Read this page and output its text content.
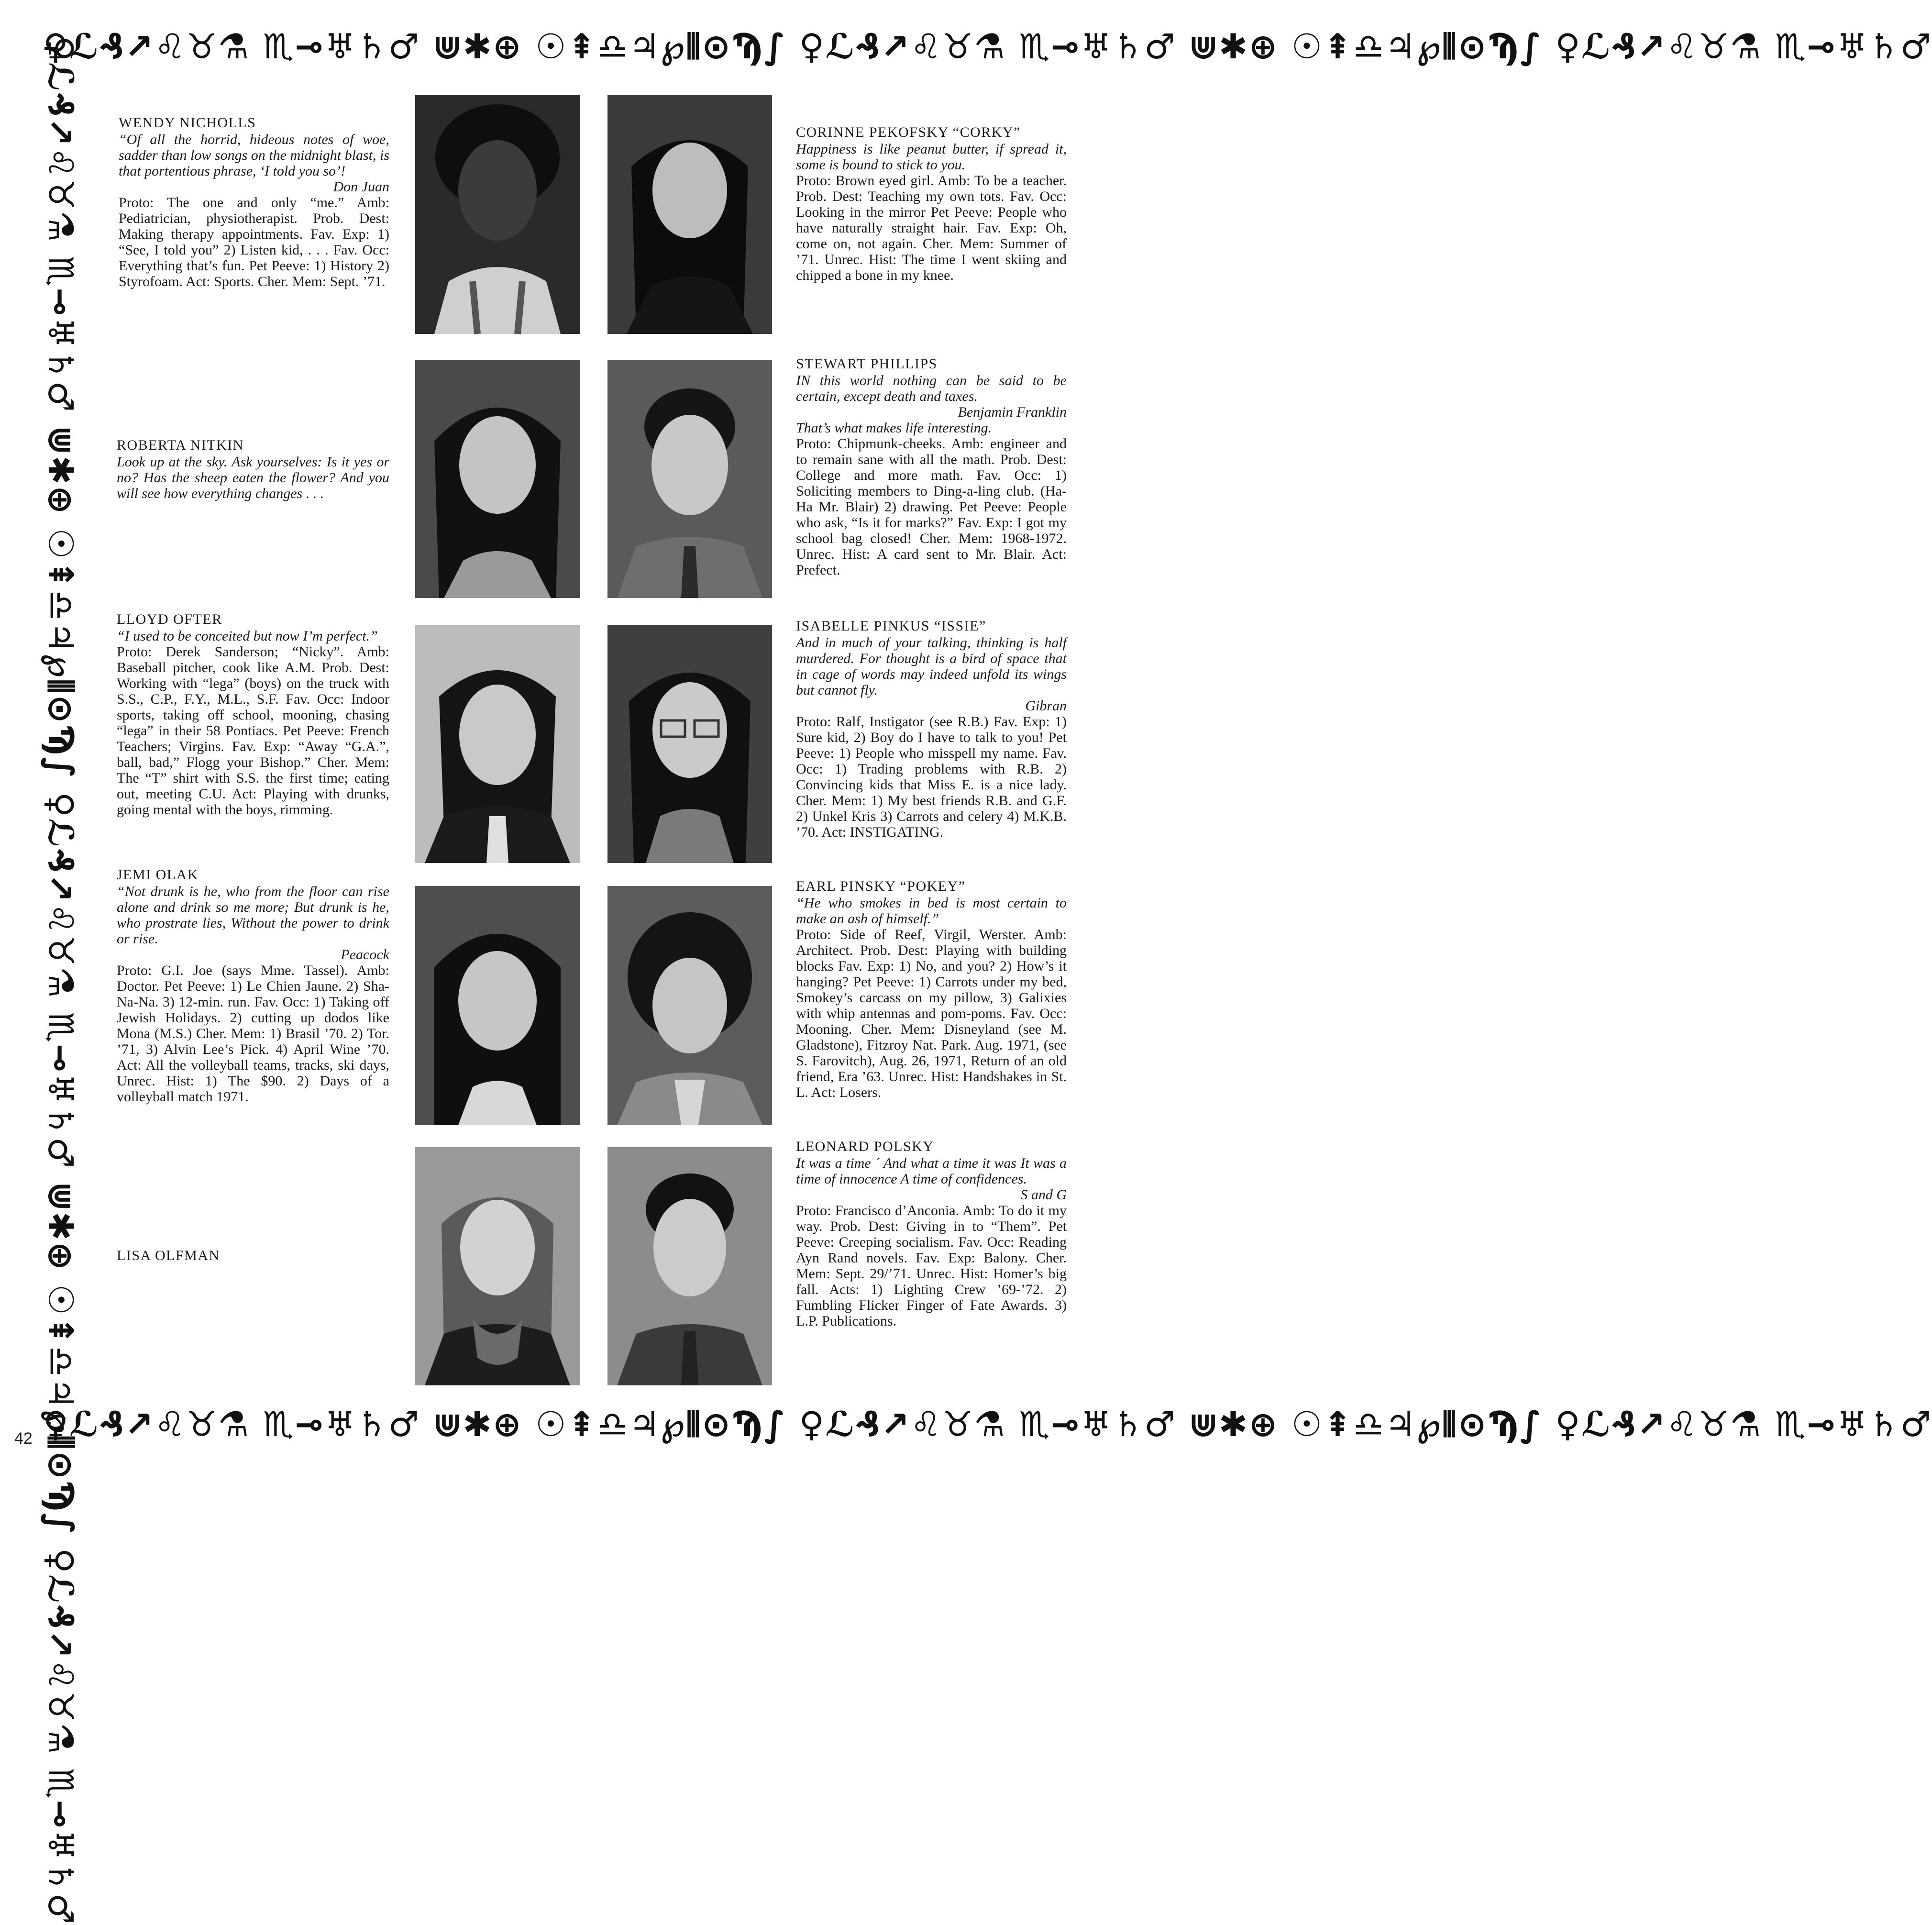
♀ℒ₰↗♌♉⚗ ♏⊸♅♄♂ ⋓✱⊕ ☉⇞♎♃℘⦀⊙Ϡ∫ ♀ℒ₰↗♌♉⚗ ♏⊸♅♄♂ ⋓✱⊕ ☉⇞♎♃℘⦀⊙Ϡ∫ ♀ℒ₰↗♌♉⚗ ♏⊸♅♄♂
♀ℒ₰↗♌♉⚗ ♏⊸♅♄♂ ⋓✱⊕ ☉⇞♎♃℘⦀⊙Ϡ∫ ♀ℒ₰↗♌♉⚗ ♏⊸♅♄♂ ⋓✱⊕ ☉⇞♎♃℘⦀⊙Ϡ∫ ♀ℒ₰↗♌♉⚗ ♏⊸♅♄♂
♀ℒ₰↗♌♉⚗ ♏⊸♅♄♂ ⋓✱⊕ ☉⇞♎♃℘⦀⊙Ϡ∫ ♀ℒ₰↗♌♉⚗ ♏⊸♅♄♂ ⋓✱⊕ ☉⇞♎♃℘⦀⊙Ϡ∫ ♀ℒ₰↗♌♉⚗ ♏⊸♅♄♂
42
WENDY NICHOLLS
“Of all the horrid, hideous notes of woe, sadder than low songs on the midnight blast, is that portentious phrase, ‘I told you so’!
Don Juan
Proto: The one and only “me.” Amb: Pediatrician, physiotherapist. Prob. Dest: Making therapy appointments. Fav. Exp: 1) “See, I told you” 2) Listen kid, . . . Fav. Occ: Everything that’s fun. Pet Peeve: 1) History 2) Styrofoam. Act: Sports. Cher. Mem: Sept. ’71.
ROBERTA NITKIN
Look up at the sky. Ask yourselves: Is it yes or no? Has the sheep eaten the flower? And you will see how everything changes . . .
LLOYD OFTER
“I used to be conceited but now I’m perfect.”
Proto: Derek Sanderson; “Nicky”. Amb: Baseball pitcher, cook like A.M. Prob. Dest: Working with “lega” (boys) on the truck with S.S., C.P., F.Y., M.L., S.F. Fav. Occ: Indoor sports, taking off school, mooning, chasing “lega” in their 58 Pontiacs. Pet Peeve: French Teachers; Virgins. Fav. Exp: “Away “G.A.”, ball, bad,” Flogg your Bishop.” Cher. Mem: The “T” shirt with S.S. the first time; eating out, meeting C.U. Act: Playing with drunks, going mental with the boys, rimming.
JEMI OLAK
“Not drunk is he, who from the floor can rise alone and drink so me more; But drunk is he, who prostrate lies, Without the power to drink or rise.
Peacock
Proto: G.I. Joe (says Mme. Tassel). Amb: Doctor. Pet Peeve: 1) Le Chien Jaune. 2) Sha-Na-Na. 3) 12-min. run. Fav. Occ: 1) Taking off Jewish Holidays. 2) cutting up dodos like Mona (M.S.) Cher. Mem: 1) Brasil ’70. 2) Tor. ’71, 3) Alvin Lee’s Pick. 4) April Wine ’70. Act: All the volleyball teams, tracks, ski days, Unrec. Hist: 1) The $90. 2) Days of a volleyball match 1971.
LISA OLFMAN
CORINNE PEKOFSKY “CORKY”
Happiness is like peanut butter, if spread it, some is bound to stick to you.
Proto: Brown eyed girl. Amb: To be a teacher. Prob. Dest: Teaching my own tots. Fav. Occ: Looking in the mirror Pet Peeve: People who have naturally straight hair. Fav. Exp: Oh, come on, not again. Cher. Mem: Summer of ’71. Unrec. Hist: The time I went skiing and chipped a bone in my knee.
STEWART PHILLIPS
IN this world nothing can be said to be certain, except death and taxes.
Benjamin Franklin
That’s what makes life interesting.
Proto: Chipmunk-cheeks. Amb: engineer and to remain sane with all the math. Prob. Dest: College and more math. Fav. Occ: 1) Soliciting members to Ding-a-ling club. (Ha-Ha Mr. Blair) 2) drawing. Pet Peeve: People who ask, “Is it for marks?” Fav. Exp: I got my school bag closed! Cher. Mem: 1968-1972. Unrec. Hist: A card sent to Mr. Blair. Act: Prefect.
ISABELLE PINKUS “ISSIE”
And in much of your talking, thinking is half murdered. For thought is a bird of space that in cage of words may indeed unfold its wings but cannot fly.
Gibran
Proto: Ralf, Instigator (see R.B.) Fav. Exp: 1) Sure kid, 2) Boy do I have to talk to you! Pet Peeve: 1) People who misspell my name. Fav. Occ: 1) Trading problems with R.B. 2) Convincing kids that Miss E. is a nice lady. Cher. Mem: 1) My best friends R.B. and G.F. 2) Unkel Kris 3) Carrots and celery 4) M.K.B. ’70. Act: INSTIGATING.
EARL PINSKY “POKEY”
“He who smokes in bed is most certain to make an ash of himself.”
Proto: Side of Reef, Virgil, Werster. Amb: Architect. Prob. Dest: Playing with building blocks Fav. Exp: 1) No, and you? 2) How’s it hanging? Pet Peeve: 1) Carrots under my bed, Smokey’s carcass on my pillow, 3) Galixies with whip antennas and pom-poms. Fav. Occ: Mooning. Cher. Mem: Disneyland (see M. Gladstone), Fitzroy Nat. Park. Aug. 1971, (see S. Farovitch), Aug. 26, 1971, Return of an old friend, Era ’63. Unrec. Hist: Handshakes in St. L. Act: Losers.
LEONARD POLSKY
It was a time ´ And what a time it was It was a time of innocence A time of confidences.
S and G
Proto: Francisco d’Anconia. Amb: To do it my way. Prob. Dest: Giving in to “Them”. Pet Peeve: Creeping socialism. Fav. Occ: Reading Ayn Rand novels. Fav. Exp: Balony. Cher. Mem: Sept. 29/’71. Unrec. Hist: Homer’s big fall. Acts: 1) Lighting Crew ’69-’72. 2) Fumbling Flicker Finger of Fate Awards. 3) L.P. Publications.
